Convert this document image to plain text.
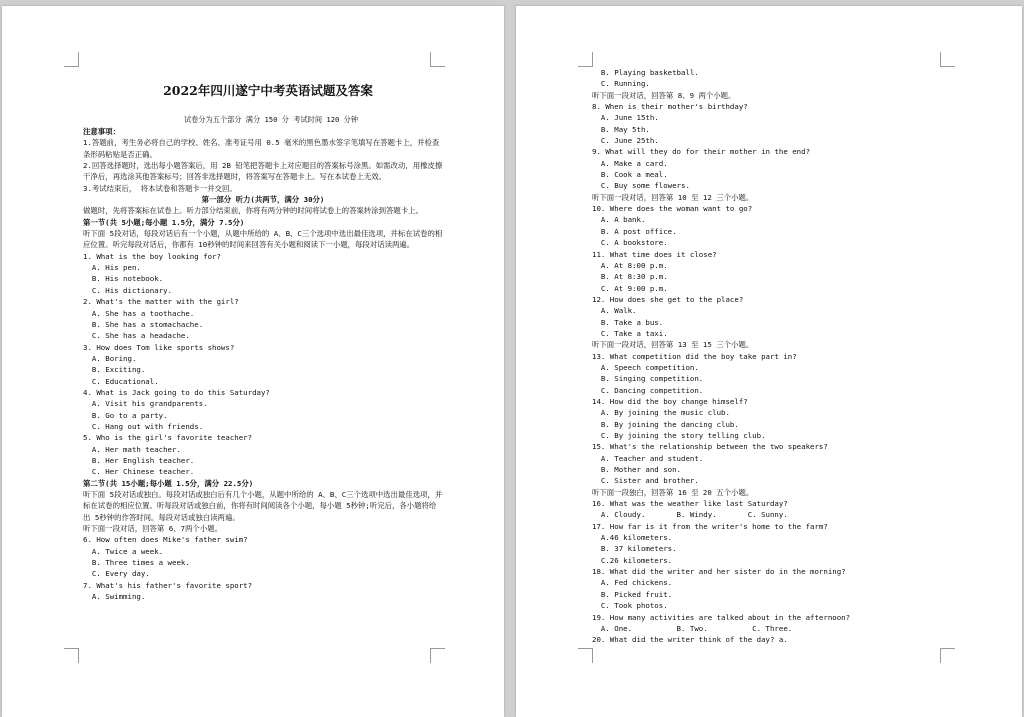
2022年四川遂宁中考英语试题及答案
试卷分为五个部分 满分 150 分 考试时间 120 分钟
注意事项：
1.答题前，考生务必将自己的学校、姓名、准考证号用 0.5 毫米的黑色墨水签字笔填写在答题卡上，并检查条形码粘贴是否正确。
2.回答选择题时，选出每小题答案后，用 2B 铅笔把答题卡上对应题目的答案标号涂黑。如需改动，用橡皮擦干净后，再选涂其他答案标号；回答非选择题时，将答案写在答题卡上。写在本试卷上无效。
3.考试结束后， 将本试卷和答题卡一并交回。
第一部分 听力(共两节，满分 30分)
做题时，先将答案标在试卷上。听力部分结束前，你将有两分钟的时间将试卷上的答案转涂到答题卡上。
第一节(共 5小题;每小题 1.5分，满分 7.5分)
听下面 5段对话，每段对话后有一个小题，从题中所给的 A、B、C三个选项中选出最佳选项，并标在试卷的相应位置。听完每段对话后，你都有 10秒钟的时间来回答有关小题和阅读下一小题，每段对话读两遍。
1. What is the boy looking for?
A. His pen.
B. His notebook.
C. His dictionary.
2. What's the matter with the girl?
A. She has a toothache.
B. She has a stomachache.
C. She has a headache.
3. How does Tom like sports shows?
A. Boring.
B. Exciting.
C. Educational.
4. What is Jack going to do this Saturday?
A. Visit his grandparents.
B. Go to a party.
C. Hang out with friends.
5. Who is the girl's favorite teacher?
A. Her math teacher.
B. Her English teacher.
C. Her Chinese teacher.
第二节(共 15小题;每小题 1.5分，满分 22.5分)
听下面 5段对话或独白。每段对话或独白后有几个小题，从题中所给的 A、B、C三个选项中选出最佳选项，并标在试卷的相应位置。听每段对话或独白前，你将有时间阅读各个小题，每小题 5秒钟;听完后，各小题将给出 5秒钟的作答时间。每段对话或独白读两遍。
听下面一段对话，回答第 6、7两个小题。
6. How often does Mike's father swim?
A. Twice a week.
B. Three times a week.
C. Every day.
7. What's his father's favorite sport?
A. Swimming.
B. Playing basketball.
C. Running.
听下面一段对话，回答第 8、9 两个小题。
8. When is their mother's birthday?
A. June 15th.
B. May 5th.
C. June 25th.
9. What will they do for their mother in the end?
A. Make a card.
B. Cook a meal.
C. Buy some flowers.
听下面一段对话，回答第 10 至 12 三个小题。
10. Where does the woman want to go?
A. A bank.
B. A post office.
C. A bookstore.
11. What time does it close?
A. At 8:00 p.m.
B. At 8:30 p.m.
C. At 9:00 p.m.
12. How does she get to the place?
A. Walk.
B. Take a bus.
C. Take a taxi.
听下面一段对话，回答第 13 至 15 三个小题。
13. What competition did the boy take part in?
A. Speech competition.
B. Singing competition.
C. Dancing competition.
14. How did the boy change himself?
A. By joining the music club.
B. By joining the dancing club.
C. By joining the story telling club.
15. What's the relationship between the two speakers?
A. Teacher and student.
B. Mother and son.
C. Sister and brother.
听下面一段独白，回答第 16 至 20 五个小题。
16. What was the weather like last Saturday?
A. Cloudy.       B. Windy.       C. Sunny.
17. How far is it from the writer's home to the farm?
A.46 kilometers.
B. 37 kilometers.
C.26 kilometers.
18. What did the writer and her sister do in the morning?
A. Fed chickens.
B. Picked fruit.
C. Took photos.
19. How many activities are talked about in the afternoon?
A. One.          B. Two.          C. Three.
20. What did the writer think of the day? a.
